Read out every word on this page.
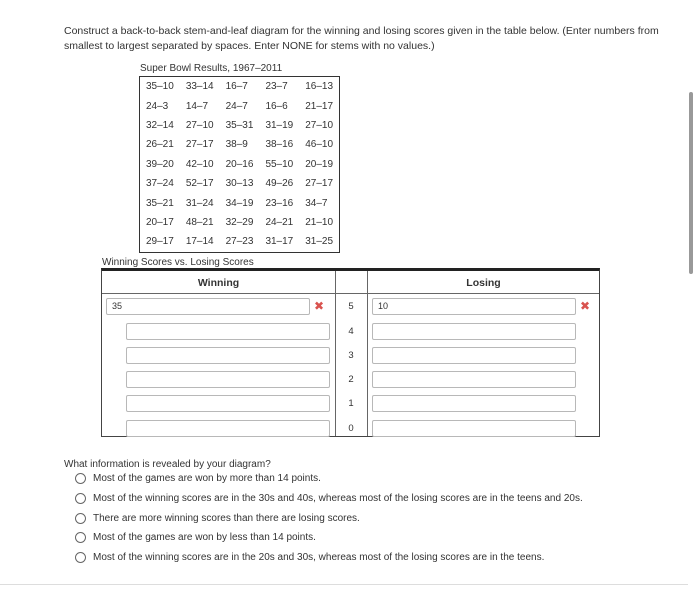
Construct a back-to-back stem-and-leaf diagram for the winning and losing scores given in the table below. (Enter numbers from smallest to largest separated by spaces. Enter NONE for stems with no values.)
Super Bowl Results, 1967–2011
35–10	33–14	16–7	23–7	16–13
24–3	14–7	24–7	16–6	21–17
32–14	27–10	35–31	31–19	27–10
26–21	27–17	38–9	38–16	46–10
39–20	42–10	20–16	55–10	20–19
37–24	52–17	30–13	49–26	27–17
35–21	31–24	34–19	23–16	34–7
20–17	48–21	32–29	24–21	21–10
29–17	17–14	27–23	31–17	31–25
Winning Scores vs. Losing Scores
Winning	Losing
35	5	10
✖	✖
4
3
2
1
0
What information is revealed by your diagram?
Most of the games are won by more than 14 points.
Most of the winning scores are in the 30s and 40s, whereas most of the losing scores are in the teens and 20s.
There are more winning scores than there are losing scores.
Most of the games are won by less than 14 points.
Most of the winning scores are in the 20s and 30s, whereas most of the losing scores are in the teens.
